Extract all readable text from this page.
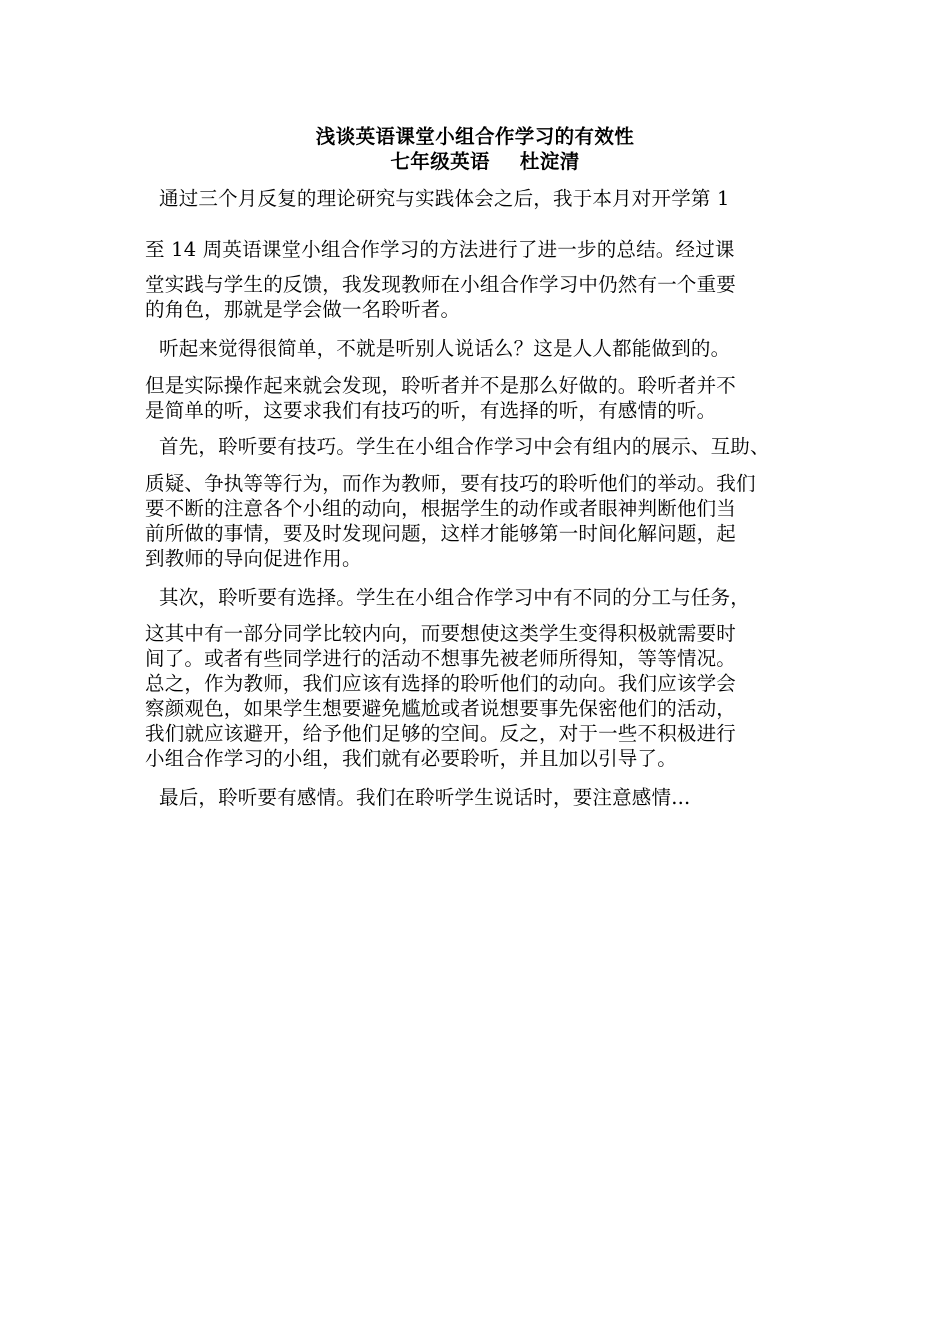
浅谈英语课堂小组合作学习的有效性
七年级英语 杜淀清
通过三个月反复的理论研究与实践体会之后，我于本月对开学第 1
至 14 周英语课堂小组合作学习的方法进行了进一步的总结。经过课
堂实践与学生的反馈，我发现教师在小组合作学习中仍然有一个重要
的角色，那就是学会做一名聆听者。
听起来觉得很简单，不就是听别人说话么？这是人人都能做到的。
但是实际操作起来就会发现，聆听者并不是那么好做的。聆听者并不
是简单的听，这要求我们有技巧的听，有选择的听，有感情的听。
首先，聆听要有技巧。学生在小组合作学习中会有组内的展示、互助、
质疑、争执等等行为，而作为教师，要有技巧的聆听他们的举动。我们
要不断的注意各个小组的动向，根据学生的动作或者眼神判断他们当
前所做的事情，要及时发现问题，这样才能够第一时间化解问题，起
到教师的导向促进作用。
其次，聆听要有选择。学生在小组合作学习中有不同的分工与任务，
这其中有一部分同学比较内向，而要想使这类学生变得积极就需要时
间了。或者有些同学进行的活动不想事先被老师所得知，等等情况。
总之，作为教师，我们应该有选择的聆听他们的动向。我们应该学会
察颜观色，如果学生想要避免尴尬或者说想要事先保密他们的活动，
我们就应该避开，给予他们足够的空间。反之，对于一些不积极进行
小组合作学习的小组，我们就有必要聆听，并且加以引导了。
最后，聆听要有感情。我们在聆听学生说话时，要注意感情...
